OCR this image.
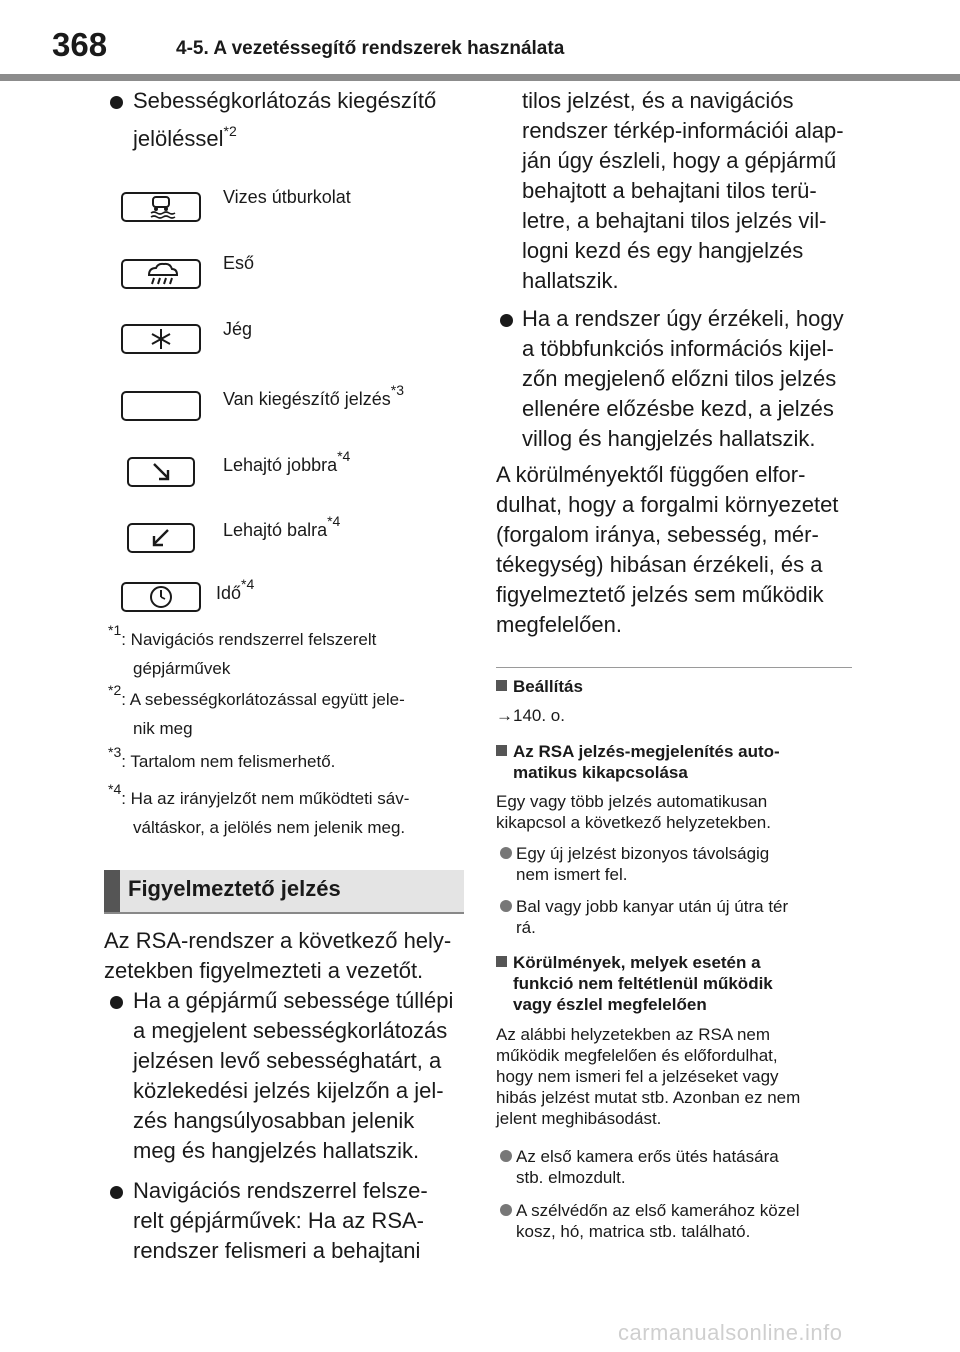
368	4-5. A vezetéssegítő rendszerek használata
Sebességkorlátozás kiegészítő
jelöléssel$^{*2}$
Vizes útburkolat
Eső
Jég
Van kiegészítő jelzés$^{*3}$
Lehajtó jobbra$^{*4}$
Lehajtó balra$^{*4}$
Idő$^{*4}$
$^{*1}$: Navigációs rendszerrel felszerelt
gépjárművek
$^{*2}$: A sebességkorlátozással együtt jele-
nik meg
$^{*3}$: Tartalom nem felismerhető.
$^{*4}$: Ha az irányjelzőt nem működteti sáv-
váltáskor, a jelölés nem jelenik meg.
Figyelmeztető jelzés
Az RSA-rendszer a következő hely-
zetekben figyelmezteti a vezetőt.
Ha a gépjármű sebessége túllépi
a megjelent sebességkorlátozás
jelzésen levő sebességhatárt, a
közlekedési jelzés kijelzőn a jel-
zés hangsúlyosabban jelenik
meg és hangjelzés hallatszik.
Navigációs rendszerrel felsze-
relt gépjárművek: Ha az RSA-
rendszer felismeri a behajtani
tilos jelzést, és a navigációs
rendszer térkép-információi alap-
ján úgy észleli, hogy a gépjármű
behajtott a behajtani tilos terü-
letre, a behajtani tilos jelzés vil-
logni kezd és egy hangjelzés
hallatszik.
Ha a rendszer úgy érzékeli, hogy
a többfunkciós információs kijel-
zőn megjelenő előzni tilos jelzés
ellenére előzésbe kezd, a jelzés
villog és hangjelzés hallatszik.
A körülményektől függően elfor-
dulhat, hogy a forgalmi környezetet
(forgalom iránya, sebesség, mér-
tékegység) hibásan érzékeli, és a
figyelmeztető jelzés sem működik
megfelelően.
Beállítás
→140. o.
Az RSA jelzés-megjelenítés auto-
matikus kikapcsolása
Egy vagy több jelzés automatikusan
kikapcsol a következő helyzetekben.
Egy új jelzést bizonyos távolságig
nem ismert fel.
Bal vagy jobb kanyar után új útra tér
rá.
Körülmények, melyek esetén a
funkció nem feltétlenül működik
vagy észlel megfelelően
Az alábbi helyzetekben az RSA nem
működik megfelelően és előfordulhat,
hogy nem ismeri fel a jelzéseket vagy
hibás jelzést mutat stb. Azonban ez nem
jelent meghibásodást.
Az első kamera erős ütés hatására
stb. elmozdult.
A szélvédőn az első kamerához közel
kosz, hó, matrica stb. található.
carmanualsonline.info
